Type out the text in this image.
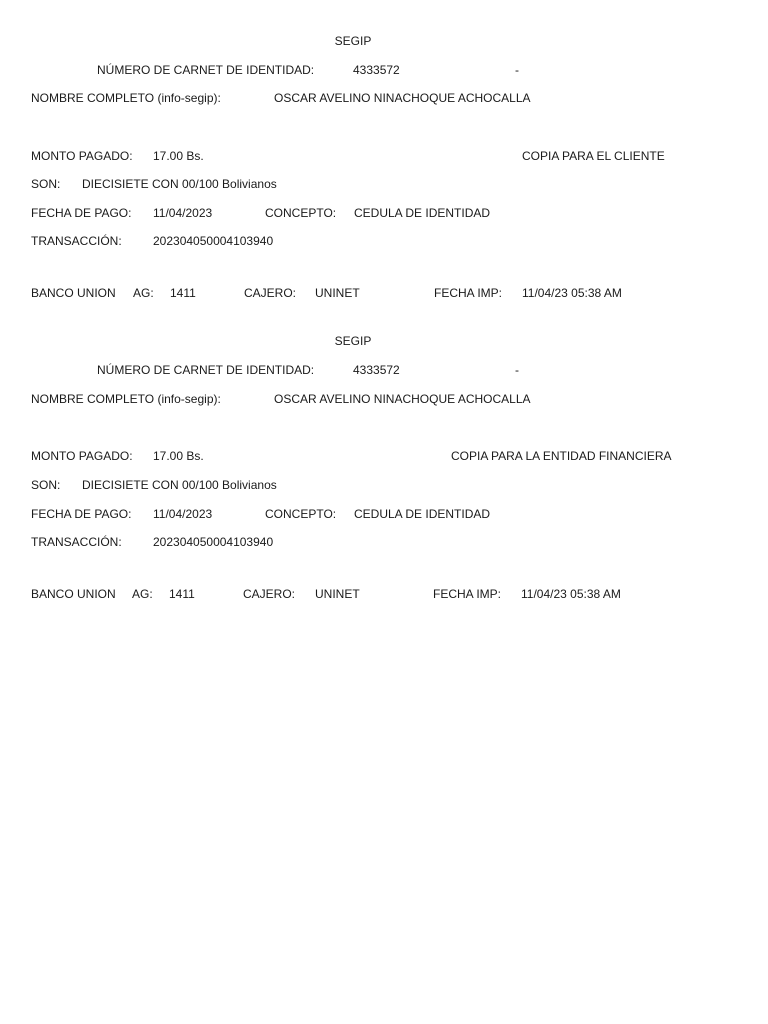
SEGIP
NÚMERO DE CARNET DE IDENTIDAD:	4333572	-
NOMBRE COMPLETO (info-segip):	OSCAR AVELINO NINACHOQUE ACHOCALLA
MONTO PAGADO: 17.00 Bs.	COPIA PARA EL CLIENTE
SON: DIECISIETE CON 00/100 Bolivianos
FECHA DE PAGO: 11/04/2023	CONCEPTO: CEDULA DE IDENTIDAD
TRANSACCIÓN:	202304050004103940
BANCO UNION AG: 1411	CAJERO: UNINET	FECHA IMP: 11/04/23 05:38 AM
SEGIP
NÚMERO DE CARNET DE IDENTIDAD:	4333572	-
NOMBRE COMPLETO (info-segip):	OSCAR AVELINO NINACHOQUE ACHOCALLA
MONTO PAGADO: 17.00 Bs.	COPIA PARA LA ENTIDAD FINANCIERA
SON: DIECISIETE CON 00/100 Bolivianos
FECHA DE PAGO: 11/04/2023	CONCEPTO: CEDULA DE IDENTIDAD
TRANSACCIÓN:	202304050004103940
BANCO UNION AG: 1411	CAJERO: UNINET	FECHA IMP: 11/04/23 05:38 AM
